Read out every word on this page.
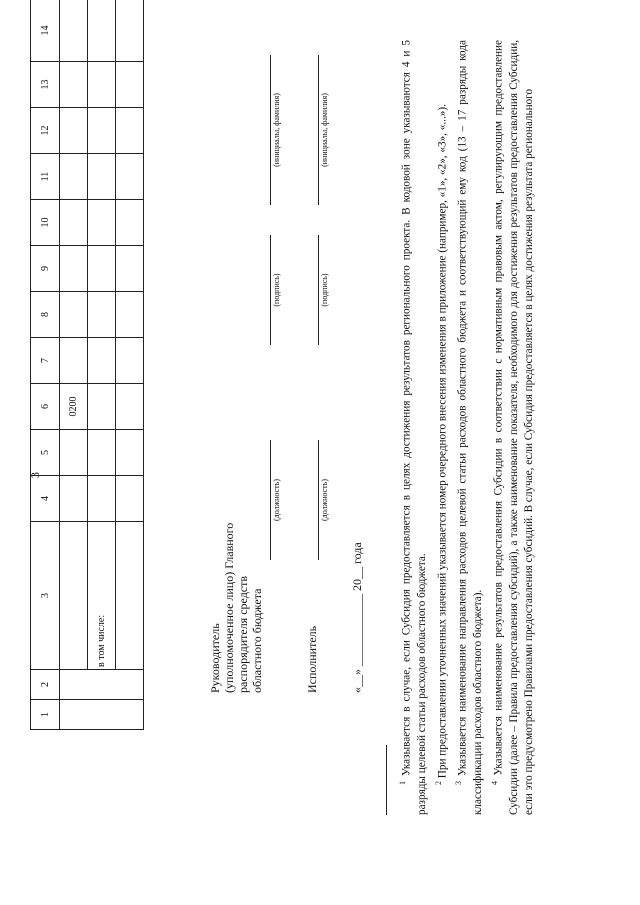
3
1	2	3	4	5	6	7	8	9	10	11	12	13	14
					0200								
		в том числе:											
												Руководитель (уполномоченное лицо) Главного распорядителя средств областного бюджета
(должность)
(подпись)
(инициалы, фамилия)
Исполнитель
(должность)
(подпись)
(инициалы, фамилия)
«__» ____________ 20__ года

$^1$ Указывается в случае, если Субсидия предоставляется в целях достижения результатов регионального проекта. В кодовой зоне указываются 4 и 5 разряды целевой статьи расходов областного бюджета. $^2$ При предоставлении уточненных значений указывается номер очередного внесения изменения в приложение (например, «1», «2», «3», «...»).

$^3$ Указывается наименование направления расходов целевой статьи расходов областного бюджета и соответствующий ему код (13 – 17 разряды кода классификации расходов областного бюджета). $^4$ Указывается наименование результатов предоставления Субсидии в соответствии с нормативным правовым актом, регулирующим предоставление Субсидии (далее – Правила предоставления субсидий), а также наименование показателя, необходимого для достижения результатов предоставления Субсидии, если это предусмотрено Правилами предоставления субсидий. В случае, если Субсидия предоставляется в целях достижения результата регионального
